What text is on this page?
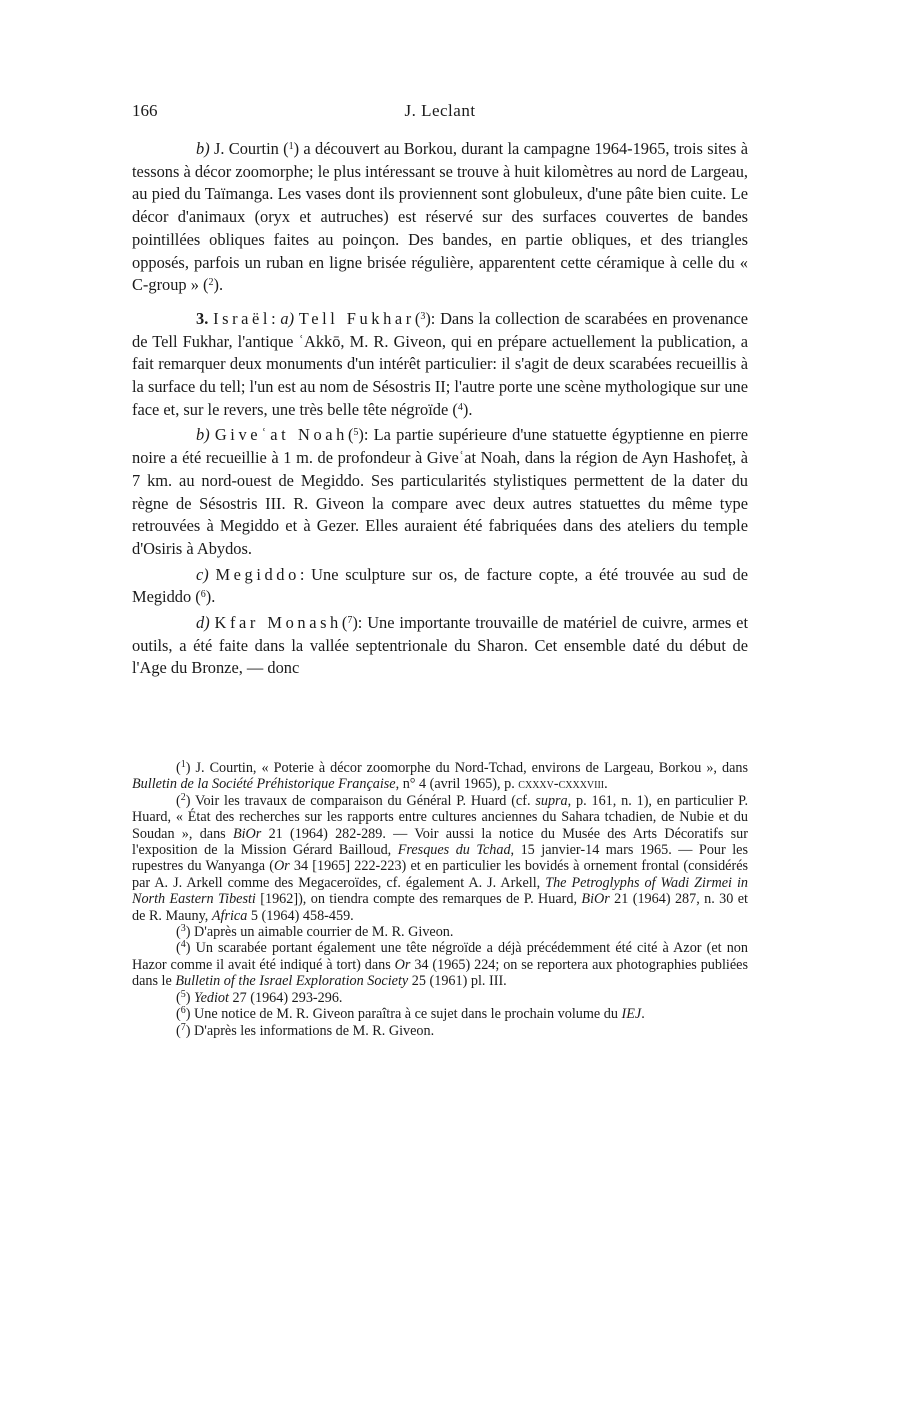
166	J. Leclant

b) J. Courtin ($^1$) a découvert au Borkou, durant la campagne 1964-1965, trois sites à tessons à décor zoomorphe; le plus intéressant se trouve à huit kilomètres au nord de Largeau, au pied du Taïmanga. Les vases dont ils proviennent sont globuleux, d'une pâte bien cuite. Le décor d'animaux (oryx et autruches) est réservé sur des surfaces couvertes de bandes pointillées obliques faites au poinçon. Des bandes, en partie obliques, et des triangles opposés, parfois un ruban en ligne brisée régulière, apparentent cette céramique à celle du « C-group » ($^2$).

3. Israël: a) Tell Fukhar($^3$): Dans la collection de scarabées en provenance de Tell Fukhar, l'antique ʿAkkō, M. R. Giveon, qui en prépare actuellement la publication, a fait remarquer deux monuments d'un intérêt particulier: il s'agit de deux scarabées recueillis à la surface du tell; l'un est au nom de Sésostris II; l'autre porte une scène mythologique sur une face et, sur le revers, une très belle tête négroïde ($^4$).

b) Giveʿat Noah($^5$): La partie supérieure d'une statuette égyptienne en pierre noire a été recueillie à 1 m. de profondeur à Giveʿat Noah, dans la région de Ayn Hashofeṭ, à 7 km. au nord-ouest de Megiddo. Ses particularités stylistiques permettent de la dater du règne de Sésostris III. R. Giveon la compare avec deux autres statuettes du même type retrouvées à Megiddo et à Gezer. Elles auraient été fabriquées dans des ateliers du temple d'Osiris à Abydos.

c) Megiddo: Une sculpture sur os, de facture copte, a été trouvée au sud de Megiddo ($^6$).

d) Kfar Monash($^7$): Une importante trouvaille de matériel de cuivre, armes et outils, a été faite dans la vallée septentrionale du Sharon. Cet ensemble daté du début de l'Age du Bronze, — donc

($^1$) J. Courtin, « Poterie à décor zoomorphe du Nord-Tchad, environs de Largeau, Borkou », dans Bulletin de la Société Préhistorique Française, n° 4 (avril 1965), p. cxxxv-cxxxviii.

($^2$) Voir les travaux de comparaison du Général P. Huard (cf. supra, p. 161, n. 1), en particulier P. Huard, « État des recherches sur les rapports entre cultures anciennes du Sahara tchadien, de Nubie et du Soudan », dans BiOr 21 (1964) 282-289. — Voir aussi la notice du Musée des Arts Décoratifs sur l'exposition de la Mission Gérard Bailloud, Fresques du Tchad, 15 janvier-14 mars 1965. — Pour les rupestres du Wanyanga (Or 34 [1965] 222-223) et en particulier les bovidés à ornement frontal (considérés par A. J. Arkell comme des Megaceroïdes, cf. également A. J. Arkell, The Petroglyphs of Wadi Zirmei in North Eastern Tibesti [1962]), on tiendra compte des remarques de P. Huard, BiOr 21 (1964) 287, n. 30 et de R. Mauny, Africa 5 (1964) 458-459.

($^3$) D'après un aimable courrier de M. R. Giveon.

($^4$) Un scarabée portant également une tête négroïde a déjà précédemment été cité à Azor (et non Hazor comme il avait été indiqué à tort) dans Or 34 (1965) 224; on se reportera aux photographies publiées dans le Bulletin of the Israel Exploration Society 25 (1961) pl. III.

($^5$) Yediot 27 (1964) 293-296.

($^6$) Une notice de M. R. Giveon paraîtra à ce sujet dans le prochain volume du IEJ.

($^7$) D'après les informations de M. R. Giveon.
